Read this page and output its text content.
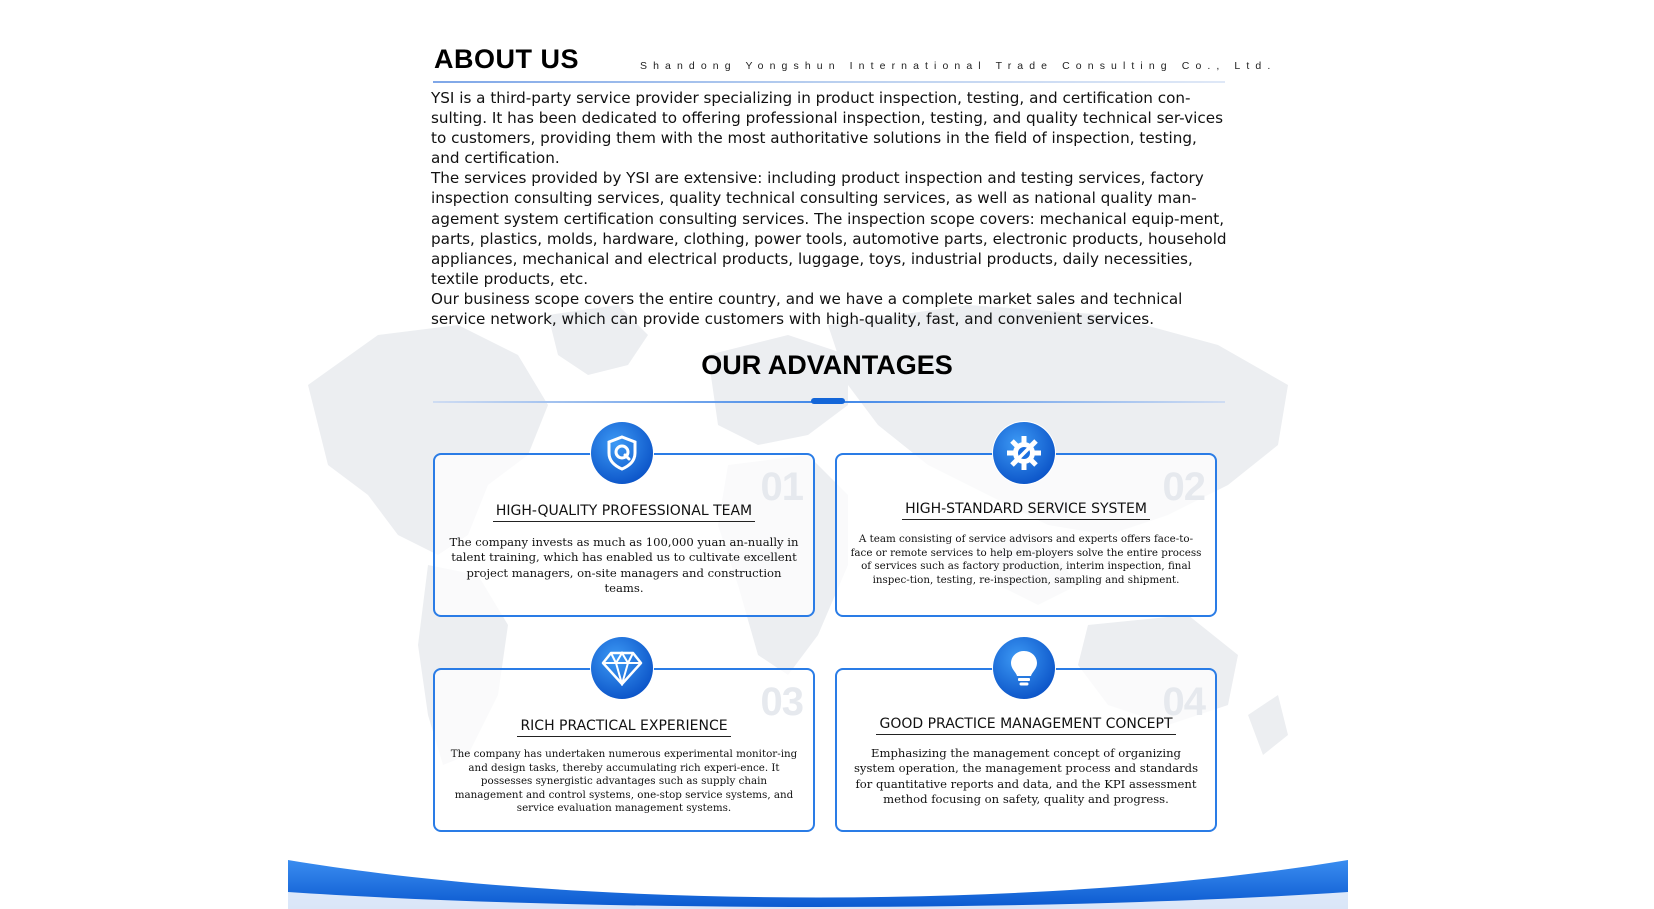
ABOUT US	Shandong Yongshun International Trade Consulting Co., Ltd.

YSI is a third-party service provider specializing in product inspection, testing, and certification con-sulting. It has been dedicated to offering professional inspection, testing, and quality technical ser-vices to customers, providing them with the most authoritative solutions in the field of inspection, testing, and certification.

The services provided by YSI are extensive: including product inspection and testing services, factory inspection consulting services, quality technical consulting services, as well as national quality man-agement system certification consulting services. The inspection scope covers: mechanical equip-ment, parts, plastics, molds, hardware, clothing, power tools, automotive parts, electronic products, household appliances, mechanical and electrical products, luggage, toys, industrial products, daily necessities, textile products, etc.

Our business scope covers the entire country, and we have a complete market sales and technical service network, which can provide customers with high-quality, fast, and convenient services.

OUR ADVANTAGES
01
HIGH-QUALITY PROFESSIONAL TEAM
The company invests as much as 100,000 yuan an-nually in talent training, which has enabled us to cultivate excellent project managers, on-site managers and construction teams.
02
HIGH-STANDARD SERVICE SYSTEM
A team consisting of service advisors and experts offers face-to-face or remote services to help em-ployers solve the entire process of services such as factory production, interim inspection, final inspec-tion, testing, re-inspection, sampling and shipment.
03
RICH PRACTICAL EXPERIENCE
The company has undertaken numerous experimental monitor-ing and design tasks, thereby accumulating rich experi-ence. It possesses synergistic advantages such as supply chain management and control systems, one-stop service systems, and service evaluation management systems.
04
GOOD PRACTICE MANAGEMENT CONCEPT
Emphasizing the management concept of organizing system operation, the management process and standards for quantitative reports and data, and the KPI assessment method focusing on safety, quality and progress.
